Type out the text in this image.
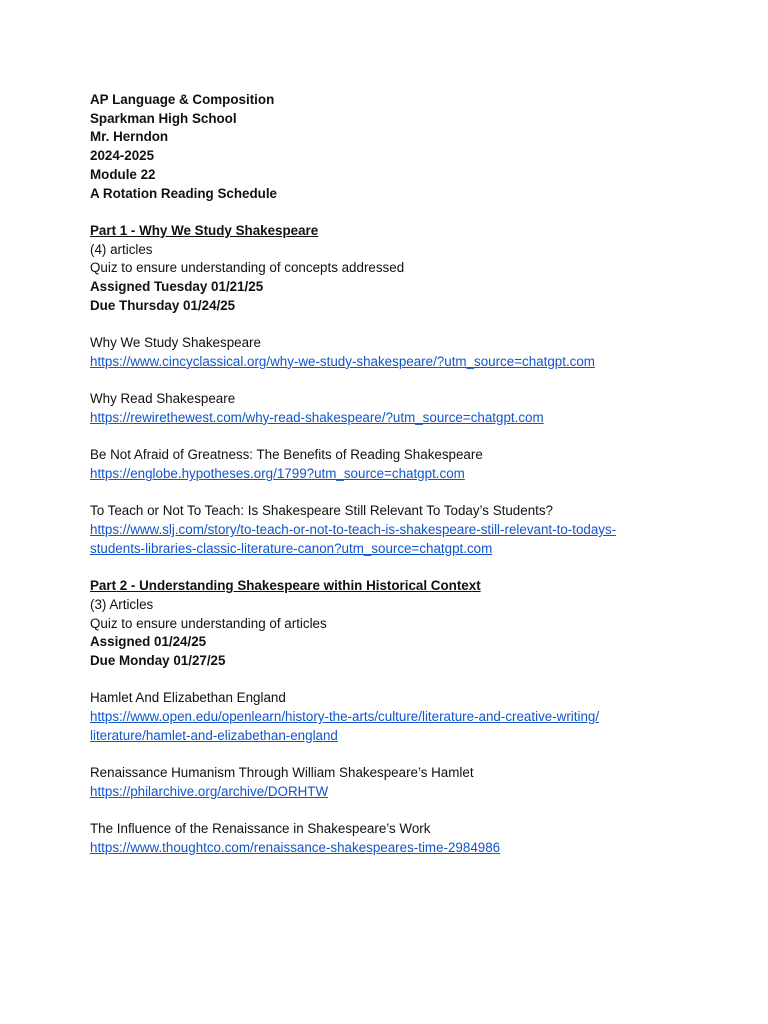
AP Language & Composition
Sparkman High School
Mr. Herndon
2024-2025
Module 22
A Rotation Reading Schedule
Part 1 - Why We Study Shakespeare
(4) articles
Quiz to ensure understanding of concepts addressed
Assigned Tuesday 01/21/25
Due Thursday 01/24/25
Why We Study Shakespeare
https://www.cincyclassical.org/why-we-study-shakespeare/?utm_source=chatgpt.com
Why Read Shakespeare
https://rewirethewest.com/why-read-shakespeare/?utm_source=chatgpt.com
Be Not Afraid of Greatness: The Benefits of Reading Shakespeare
https://englobe.hypotheses.org/1799?utm_source=chatgpt.com
To Teach or Not To Teach: Is Shakespeare Still Relevant To Today’s Students?
https://www.slj.com/story/to-teach-or-not-to-teach-is-shakespeare-still-relevant-to-todays-
students-libraries-classic-literature-canon?utm_source=chatgpt.com
Part 2 - Understanding Shakespeare within Historical Context
(3) Articles
Quiz to ensure understanding of articles
Assigned 01/24/25
Due Monday 01/27/25
Hamlet And Elizabethan England
https://www.open.edu/openlearn/history-the-arts/culture/literature-and-creative-writing/
literature/hamlet-and-elizabethan-england
Renaissance Humanism Through William Shakespeare’s Hamlet
https://philarchive.org/archive/DORHTW
The Influence of the Renaissance in Shakespeare’s Work
https://www.thoughtco.com/renaissance-shakespeares-time-2984986
